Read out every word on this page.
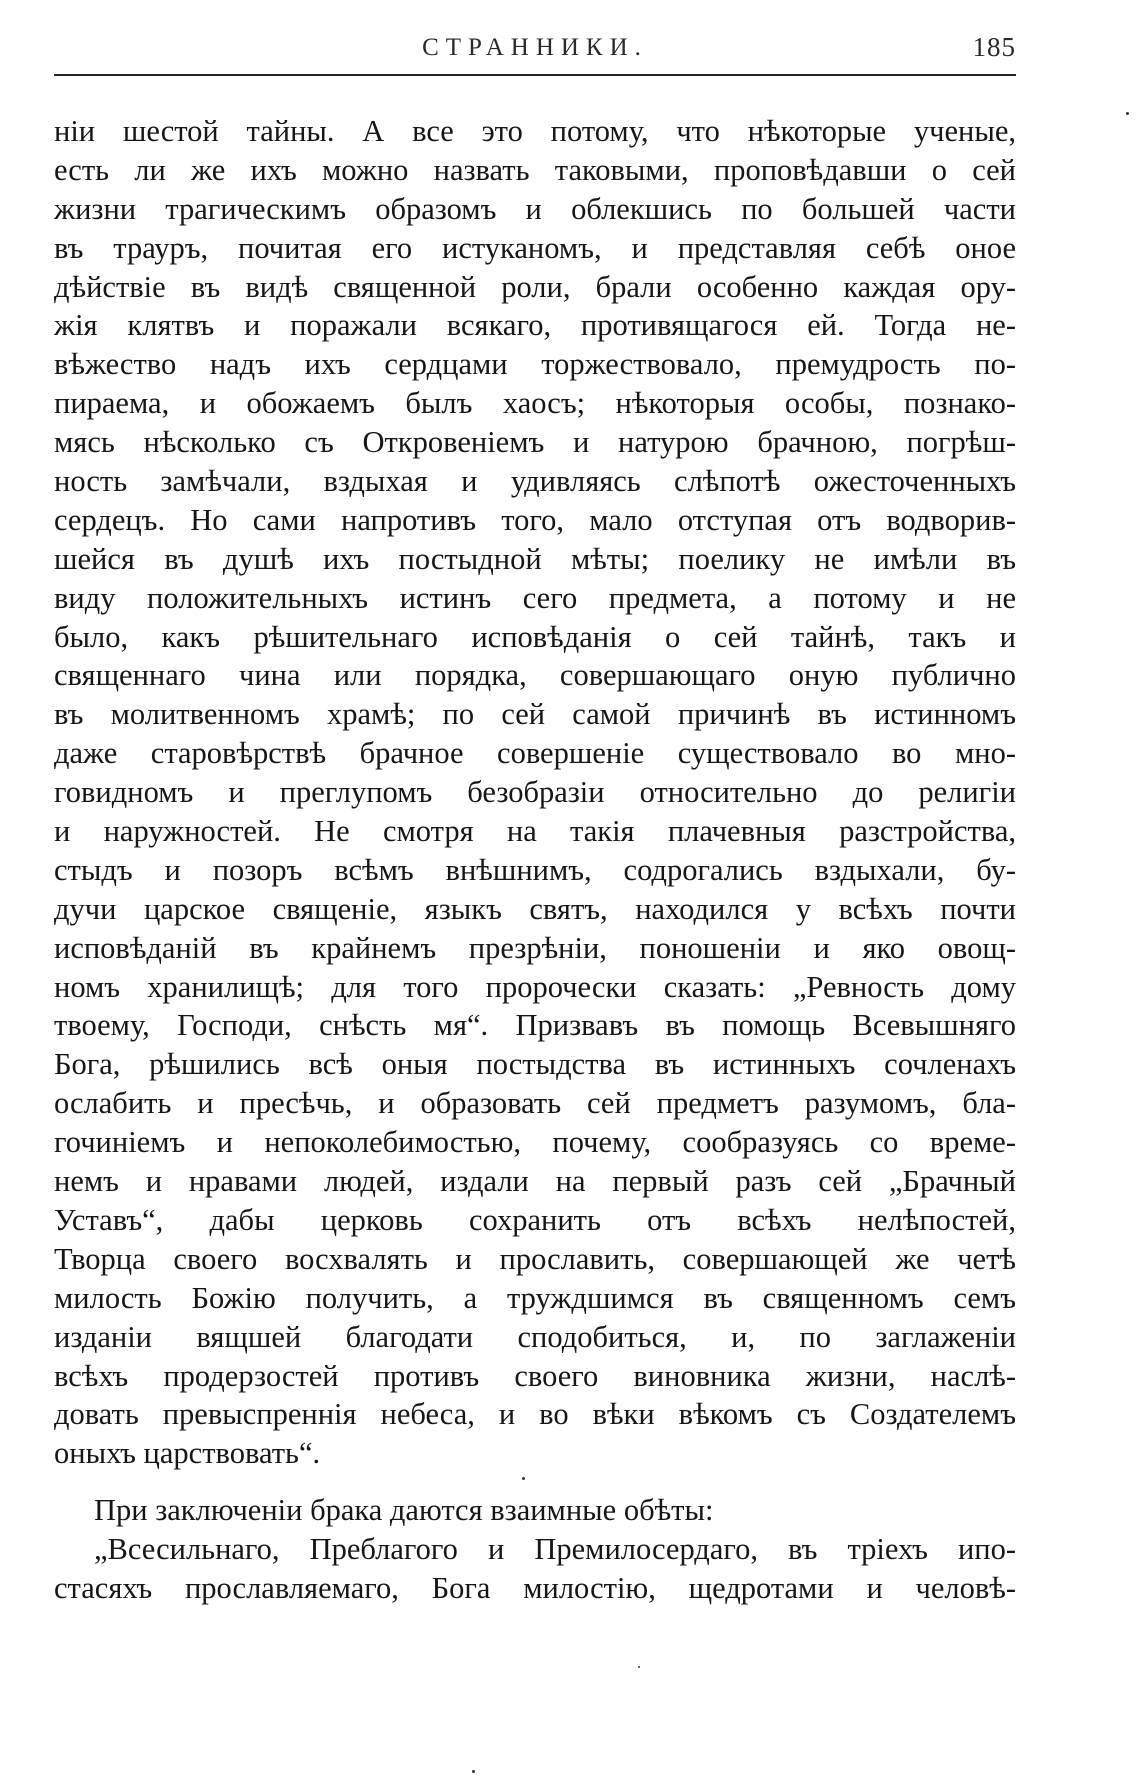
СТРАННИКИ.	185
ніи шестой тайны. А все это потому, что нѣкоторые ученые,
есть ли же ихъ можно назвать таковыми, проповѣдавши о сей
жизни трагическимъ образомъ и облекшись по большей части
въ трауръ, почитая его истуканомъ, и представляя себѣ оное
дѣйствіе въ видѣ священной роли, брали особенно каждая ору-
жія клятвъ и поражали всякаго, противящагося ей. Тогда не-
вѣжество надъ ихъ сердцами торжествовало, премудрость по-
пираема, и обожаемъ былъ хаосъ; нѣкоторыя особы, познако-
мясь нѣсколько съ Откровеніемъ и натурою брачною, погрѣш-
ность замѣчали, вздыхая и удивляясь слѣпотѣ ожесточенныхъ
сердецъ. Но сами напротивъ того, мало отступая отъ водворив-
шейся въ душѣ ихъ постыдной мѣты; поелику не имѣли въ
виду положительныхъ истинъ сего предмета, а потому и не
было, какъ рѣшительнаго исповѣданія о сей тайнѣ, такъ и
священнаго чина или порядка, совершающаго оную публично
въ молитвенномъ храмѣ; по сей самой причинѣ въ истинномъ
даже старовѣрствѣ брачное совершеніе существовало во мно-
говидномъ и преглупомъ безобразіи относительно до религіи
и наружностей. Не смотря на такія плачевныя разстройства,
стыдъ и позоръ всѣмъ внѣшнимъ, содрогались вздыхали, бу-
дучи царское священіе, языкъ святъ, находился у всѣхъ почти
исповѣданій въ крайнемъ презрѣніи, поношеніи и яко овощ-
номъ хранилищѣ; для того пророчески сказать: „Ревность дому
твоему, Господи, снѣсть мя“. Призвавъ въ помощь Всевышняго
Бога, рѣшились всѣ оныя постыдства въ истинныхъ сочленахъ
ослабить и пресѣчь, и образовать сей предметъ разумомъ, бла-
гочиніемъ и непоколебимостью, почему, сообразуясь со време-
немъ и нравами людей, издали на первый разъ сей „Брачный
Уставъ“, дабы церковь сохранить отъ всѣхъ нелѣпостей,
Творца своего восхвалять и прославить, совершающей же четѣ
милость Божію получить, а труждшимся въ священномъ семъ
изданіи вящшей благодати сподобиться, и, по заглаженіи
всѣхъ продерзостей противъ своего виновника жизни, наслѣ-
довать превыспреннія небеса, и во вѣки вѣкомъ съ Создателемъ
оныхъ царствовать“.
При заключеніи брака даются взаимные обѣты:
„Всесильнаго, Преблагого и Премилосердаго, въ тріехъ ипо-
стасяхъ прославляемаго, Бога милостію, щедротами и человѣ-
